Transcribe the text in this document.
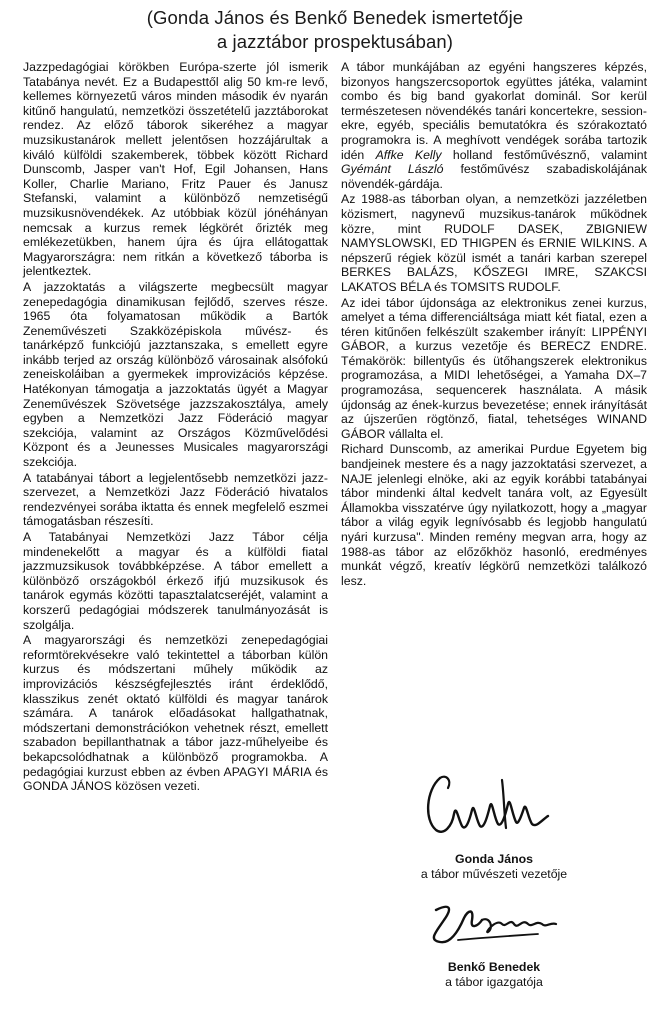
(Gonda János és Benkő Benedek ismertetője
a jazztábor prospektusában)

Jazzpedagógiai körökben Európa-szerte jól ismerik Tatabánya nevét. Ez a Budapesttől alig 50 km-re levő, kellemes környezetű város minden második év nyarán kitűnő hangulatú, nemzetközi összetételű jazztáborokat rendez. Az előző táborok sikeréhez a magyar muzsikustanárok mellett jelentősen hozzájárultak a kiváló külföldi szakemberek, többek között Richard Dunscomb, Jasper van't Hof, Egil Johansen, Hans Koller, Charlie Mariano, Fritz Pauer és Janusz Stefanski, valamint a különböző nemzetiségű muzsikusnövendékek. Az utóbbiak közül jónéhányan nemcsak a kurzus remek légkörét őrizték meg emlékezetükben, hanem újra és újra ellátogattak Magyarországra: nem ritkán a következő táborba is jelentkeztek.

A jazzoktatás a világszerte megbecsült magyar zenepedagógia dinamikusan fejlődő, szerves része. 1965 óta folyamatosan működik a Bartók Zeneművészeti Szakközépiskola művész- és tanárképző funkciójú jazztanszaka, s emellett egyre inkább terjed az ország különböző városainak alsófokú zeneiskoláiban a gyermekek improvizációs képzése. Hatékonyan támogatja a jazzoktatás ügyét a Magyar Zeneművészek Szövetsége jazzszakosztálya, amely egyben a Nemzetközi Jazz Föderáció magyar szekciója, valamint az Országos Közművelődési Központ és a Jeunesses Musicales magyarországi szekciója.

A tatabányai tábort a legjelentősebb nemzetközi jazz-szervezet, a Nemzetközi Jazz Föderáció hivatalos rendezvényei sorába iktatta és ennek megfelelő eszmei támogatásban részesíti.

A Tatabányai Nemzetközi Jazz Tábor célja mindenekelőtt a magyar és a külföldi fiatal jazzmuzsikusok továbbképzése. A tábor emellett a különböző országokból érkező ifjú muzsikusok és tanárok egymás közötti tapasztalatcseréjét, valamint a korszerű pedagógiai módszerek tanulmányozását is szolgálja.

A magyarországi és nemzetközi zenepedagógiai reformtörekvésekre való tekintettel a táborban külön kurzus és módszertani műhely működik az improvizációs készségfejlesztés iránt érdeklődő, klasszikus zenét oktató külföldi és magyar tanárok számára. A tanárok előadásokat hallgathatnak, módszertani demonstrációkon vehetnek részt, emellett szabadon bepillanthatnak a tábor jazz-műhelyeibe és bekapcsolódhatnak a különböző programokba. A pedagógiai kurzust ebben az évben APAGYI MÁRIA és GONDA JÁNOS közösen vezeti.

A tábor munkájában az egyéni hangszeres képzés, bizonyos hangszercsoportok együttes játéka, valamint combo és big band gyakorlat dominál. Sor kerül természetesen növendékés tanári koncertekre, session-ekre, egyéb, speciális bemutatókra és szórakoztató programokra is. A meghívott vendégek sorába tartozik idén Affke Kelly holland festőművésznő, valamint Gyémánt László festőművész szabadiskolájának növendék-gárdája.

Az 1988-as táborban olyan, a nemzetközi jazzéletben közismert, nagynevű muzsikus-tanárok működnek közre, mint RUDOLF DASEK, ZBIGNIEW NAMYSLOWSKI, ED THIGPEN és ERNIE WILKINS. A népszerű régiek közül ismét a tanári karban szerepel BERKES BALÁZS, KŐSZEGI IMRE, SZAKCSI LAKATOS BÉLA és TOMSITS RUDOLF.

Az idei tábor újdonsága az elektronikus zenei kurzus, amelyet a téma differenciáltsága miatt két fiatal, ezen a téren kitűnően felkészült szakember irányít: LIPPÉNYI GÁBOR, a kurzus vezetője és BERECZ ENDRE. Témakörök: billentyűs és ütőhangszerek elektronikus programozása, a MIDI lehetőségei, a Yamaha DX–7 programozása, sequencerek használata. A másik újdonság az ének-kurzus bevezetése; ennek irányítását az újszerűen rögtönző, fiatal, tehetséges WINAND GÁBOR vállalta el.

Richard Dunscomb, az amerikai Purdue Egyetem big bandjeinek mestere és a nagy jazzoktatási szervezet, a NAJE jelenlegi elnöke, aki az egyik korábbi tatabányai tábor mindenki által kedvelt tanára volt, az Egyesült Államokba visszatérve úgy nyilatkozott, hogy a „magyar tábor a világ egyik legnívósabb és legjobb hangulatú nyári kurzusa". Minden remény megvan arra, hogy az 1988-as tábor az előzőkhöz hasonló, eredményes munkát végző, kreatív légkörű nemzetközi találkozó lesz.

Gonda János
a tábor művészeti vezetője
Benkő Benedek
a tábor igazgatója
